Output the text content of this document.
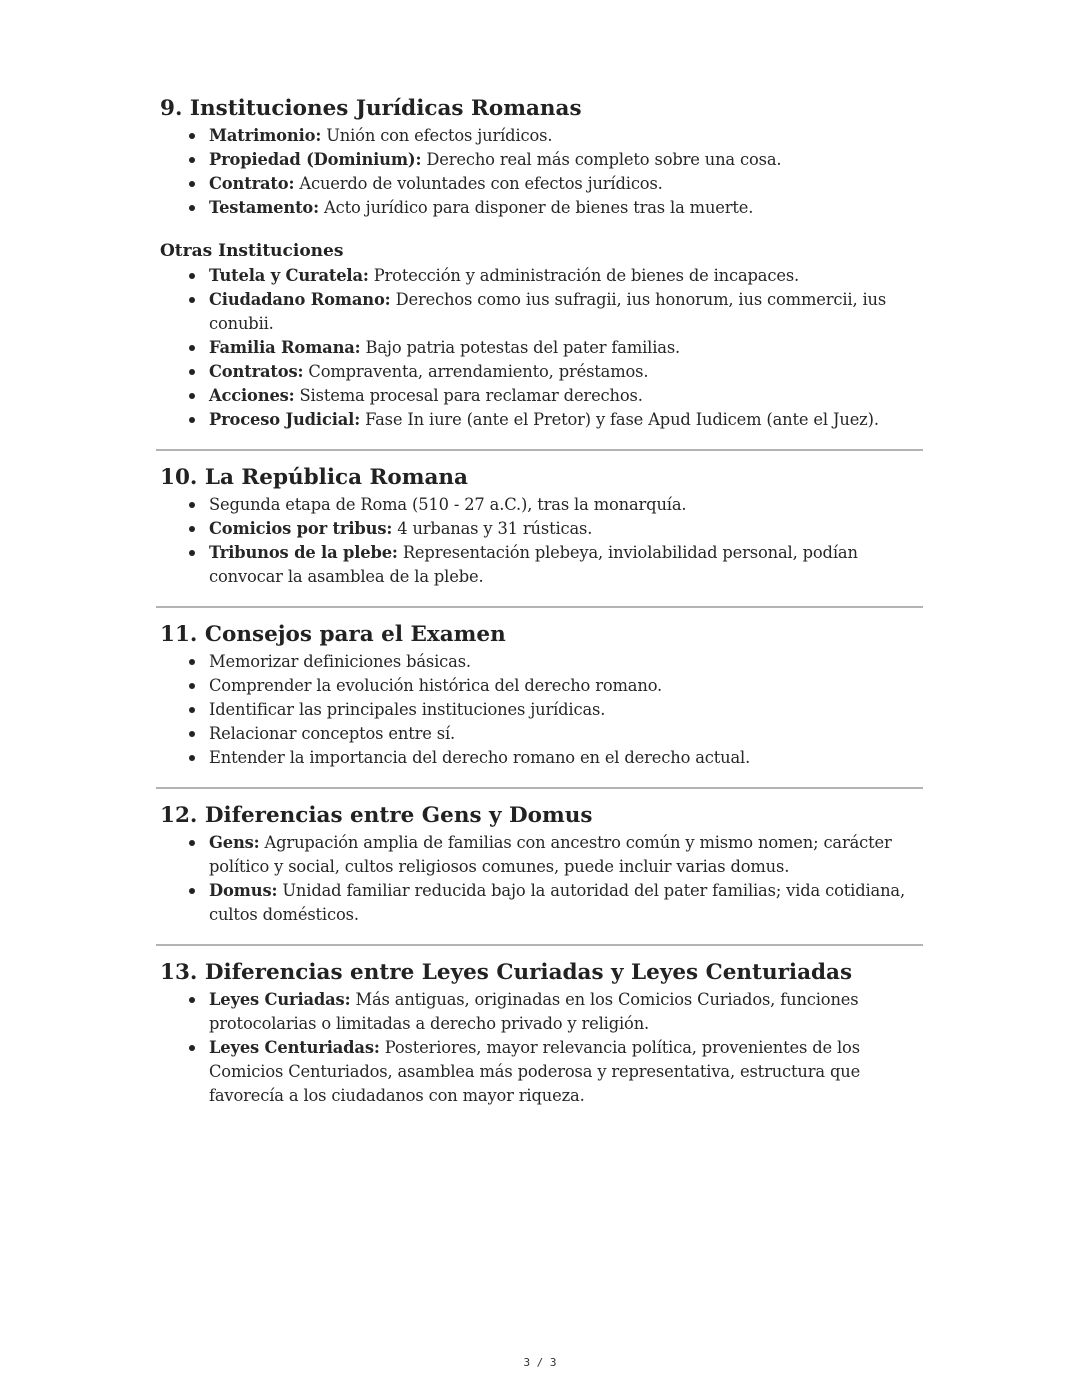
9. Instituciones Jurídicas Romanas
Matrimonio: Unión con efectos jurídicos.
Propiedad (Dominium): Derecho real más completo sobre una cosa.
Contrato: Acuerdo de voluntades con efectos jurídicos.
Testamento: Acto jurídico para disponer de bienes tras la muerte.
Otras Instituciones
Tutela y Curatela: Protección y administración de bienes de incapaces.
Ciudadano Romano: Derechos como ius sufragii, ius honorum, ius commercii, ius conubii.
Familia Romana: Bajo patria potestas del pater familias.
Contratos: Compraventa, arrendamiento, préstamos.
Acciones: Sistema procesal para reclamar derechos.
Proceso Judicial: Fase In iure (ante el Pretor) y fase Apud Iudicem (ante el Juez).
10. La República Romana
Segunda etapa de Roma (510 - 27 a.C.), tras la monarquía.
Comicios por tribus: 4 urbanas y 31 rústicas.
Tribunos de la plebe: Representación plebeya, inviolabilidad personal, podían convocar la asamblea de la plebe.
11. Consejos para el Examen
Memorizar definiciones básicas.
Comprender la evolución histórica del derecho romano.
Identificar las principales instituciones jurídicas.
Relacionar conceptos entre sí.
Entender la importancia del derecho romano en el derecho actual.
12. Diferencias entre Gens y Domus
Gens: Agrupación amplia de familias con ancestro común y mismo nomen; carácter político y social, cultos religiosos comunes, puede incluir varias domus.
Domus: Unidad familiar reducida bajo la autoridad del pater familias; vida cotidiana, cultos domésticos.
13. Diferencias entre Leyes Curiadas y Leyes Centuriadas
Leyes Curiadas: Más antiguas, originadas en los Comicios Curiados, funciones protocolarias o limitadas a derecho privado y religión.
Leyes Centuriadas: Posteriores, mayor relevancia política, provenientes de los Comicios Centuriados, asamblea más poderosa y representativa, estructura que favorecía a los ciudadanos con mayor riqueza.
3 / 3
